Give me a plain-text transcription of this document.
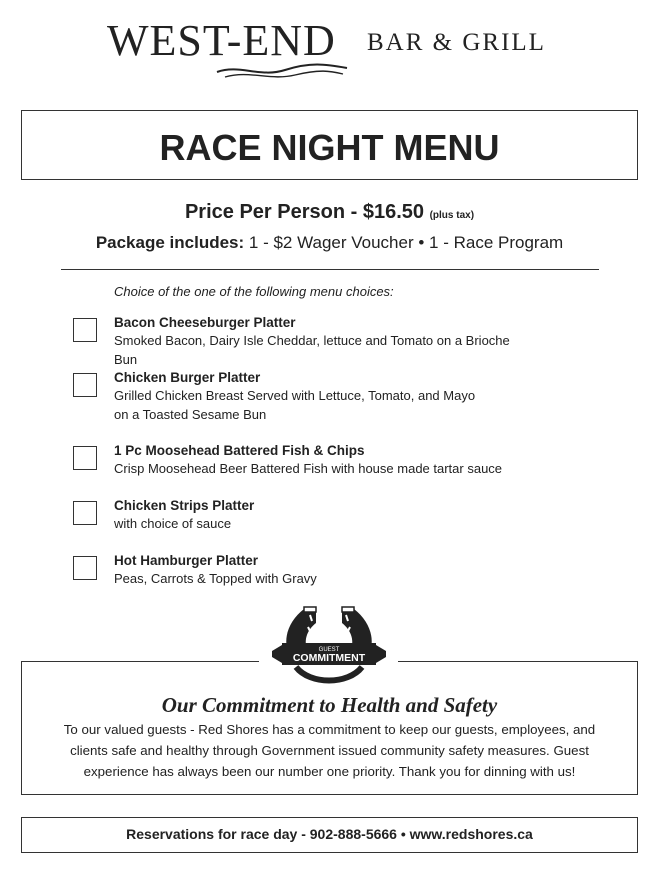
WEST-END BAR & GRILL
RACE NIGHT MENU
Price Per Person - $16.50 (plus tax)
Package includes: 1 - $2 Wager Voucher • 1 - Race Program
Choice of the one of the following menu choices:
Bacon Cheeseburger Platter
Smoked Bacon, Dairy Isle Cheddar, lettuce and Tomato on a Brioche Bun
Chicken Burger Platter
Grilled Chicken Breast Served with Lettuce, Tomato, and Mayo
on a Toasted Sesame Bun
1 Pc Moosehead Battered Fish & Chips
Crisp Moosehead Beer Battered Fish with house made tartar sauce
Chicken Strips Platter
with choice of sauce
Hot Hamburger Platter
Peas, Carrots & Topped with Gravy
GUEST
COMMITMENT
Our Commitment to Health and Safety
To our valued guests - Red Shores has a commitment to keep our guests, employees, and clients safe and healthy through Government issued community safety measures. Guest experience has always been our number one priority. Thank you for dinning with us!
Reservations for race day - 902-888-5666 • www.redshores.ca
